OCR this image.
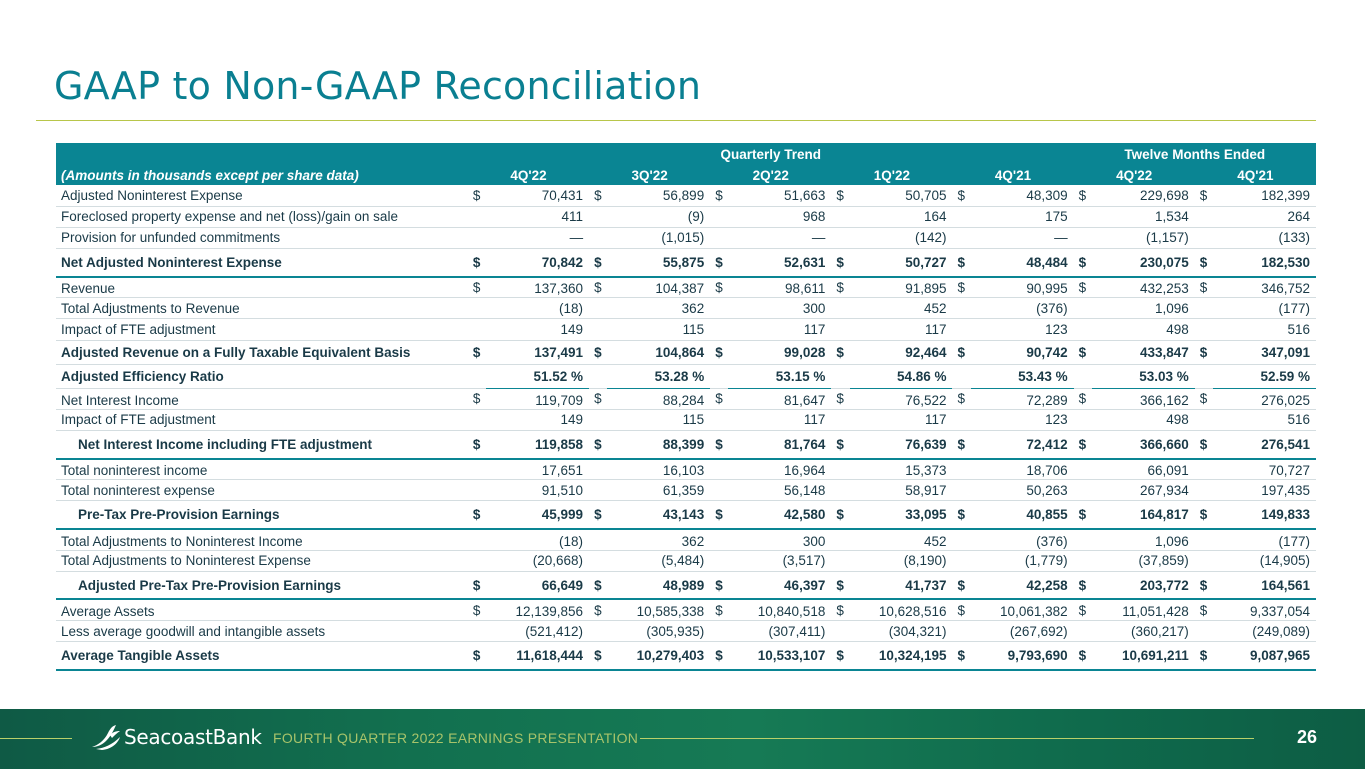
GAAP to Non-GAAP Reconciliation
	Quarterly Trend										Twelve Months Ended			
(Amounts in thousands except per share data)	4Q'22		3Q'22		2Q'22		1Q'22		4Q'21		4Q'22		4Q'21	
Adjusted Noninterest Expense	$	70,431	$	56,899	$	51,663	$	50,705	$	48,309	$	229,698	$	182,399
Foreclosed property expense and net (loss)/gain on sale		411		(9)		968		164		175		1,534		264
Provision for unfunded commitments		—		(1,015)		—		(142)		—		(1,157)		(133)
Net Adjusted Noninterest Expense	$	70,842	$	55,875	$	52,631	$	50,727	$	48,484	$	230,075	$	182,530
Revenue	$	137,360	$	104,387	$	98,611	$	91,895	$	90,995	$	432,253	$	346,752
Total Adjustments to Revenue		(18)		362		300		452		(376)		1,096		(177)
Impact of FTE adjustment		149		115		117		117		123		498		516
Adjusted Revenue on a Fully Taxable Equivalent Basis	$	137,491	$	104,864	$	99,028	$	92,464	$	90,742	$	433,847	$	347,091
Adjusted Efficiency Ratio		51.52 %		53.28 %		53.15 %		54.86 %		53.43 %		53.03 %		52.59 %
Net Interest Income	$	119,709	$	88,284	$	81,647	$	76,522	$	72,289	$	366,162	$	276,025
Impact of FTE adjustment		149		115		117		117		123		498		516
Net Interest Income including FTE adjustment	$	119,858	$	88,399	$	81,764	$	76,639	$	72,412	$	366,660	$	276,541
Total noninterest income		17,651		16,103		16,964		15,373		18,706		66,091		70,727
Total noninterest expense		91,510		61,359		56,148		58,917		50,263		267,934		197,435
Pre-Tax Pre-Provision Earnings	$	45,999	$	43,143	$	42,580	$	33,095	$	40,855	$	164,817	$	149,833
Total Adjustments to Noninterest Income		(18)		362		300		452		(376)		1,096		(177)
Total Adjustments to Noninterest Expense		(20,668)		(5,484)		(3,517)		(8,190)		(1,779)		(37,859)		(14,905)
Adjusted Pre-Tax Pre-Provision Earnings	$	66,649	$	48,989	$	46,397	$	41,737	$	42,258	$	203,772	$	164,561
Average Assets	$	12,139,856	$	10,585,338	$	10,840,518	$	10,628,516	$	10,061,382	$	11,051,428	$	9,337,054
Less average goodwill and intangible assets		(521,412)		(305,935)		(307,411)		(304,321)		(267,692)		(360,217)		(249,089)
Average Tangible Assets	$	11,618,444	$	10,279,403	$	10,533,107	$	10,324,195	$	9,793,690	$	10,691,211	$	9,087,965
SeacoastBank FOURTH QUARTER 2022 EARNINGS PRESENTATION	26
